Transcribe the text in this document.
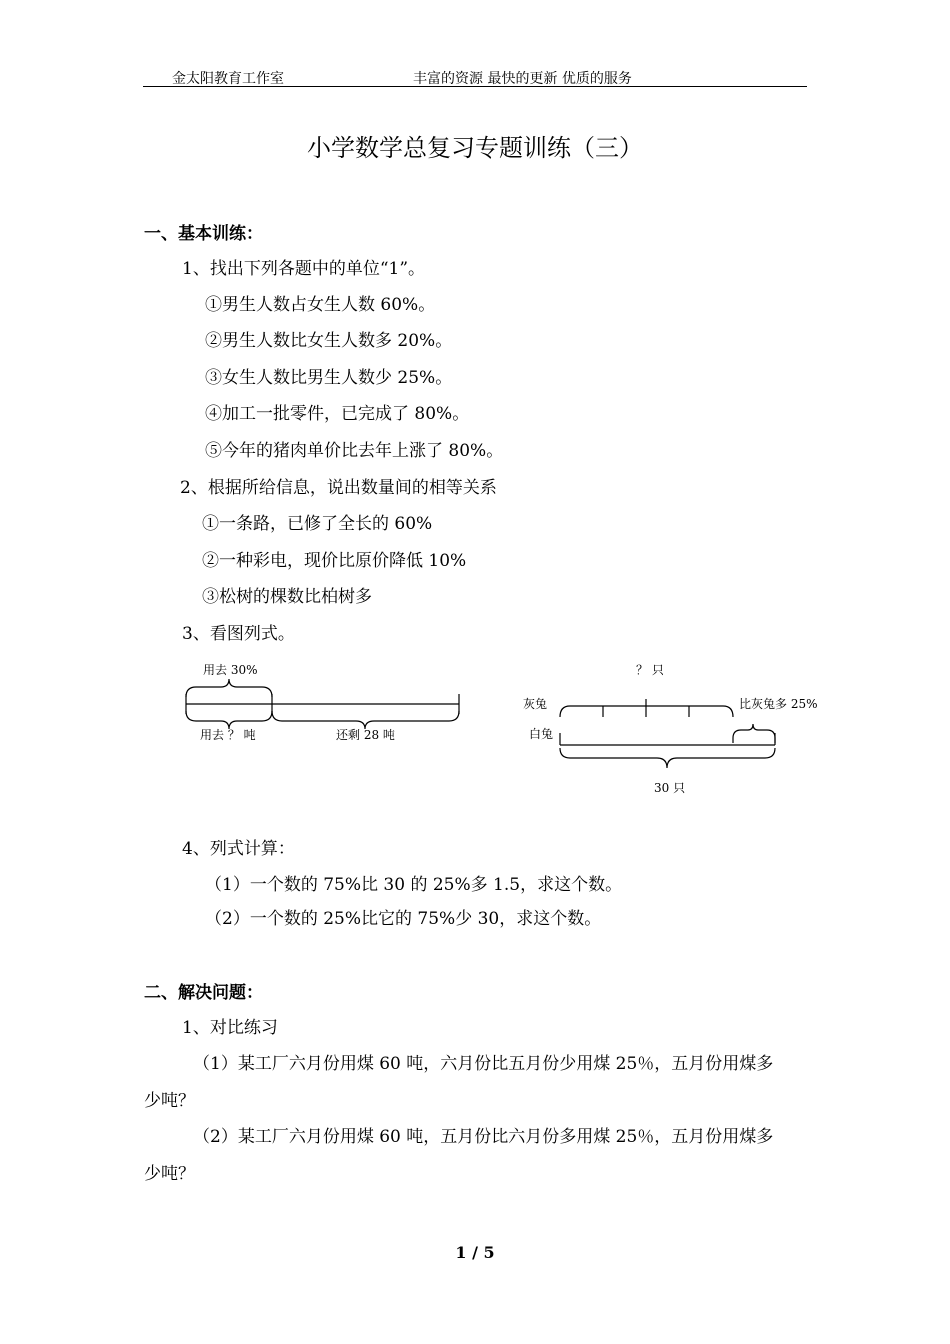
金太阳教育工作室	丰富的资源 最快的更新 优质的服务
小学数学总复习专题训练（三）
一、基本训练：
1、找出下列各题中的单位“1”。
①男生人数占女生人数 60%。
②男生人数比女生人数多 20%。
③女生人数比男生人数少 25%。
④加工一批零件，已完成了 80%。
⑤今年的猪肉单价比去年上涨了 80%。
2、根据所给信息，说出数量间的相等关系
①一条路，已修了全长的 60%
②一种彩电，现价比原价降低 10%
③松树的棵数比柏树多
3、看图列式。
用去 30%
用去 ？ 吨	还剩 28 吨
？ 只
灰兔
白兔
比灰兔多 25%
30 只
4、列式计算：
（1）一个数的 75%比 30 的 25%多 1.5，求这个数。
（2）一个数的 25%比它的 75%少 30，求这个数。
二、解决问题：
1、对比练习
（1）某工厂六月份用煤 60 吨，六月份比五月份少用煤 25％，五月份用煤多
少吨？
（2）某工厂六月份用煤 60 吨，五月份比六月份多用煤 25％，五月份用煤多
少吨？
1 / 5
